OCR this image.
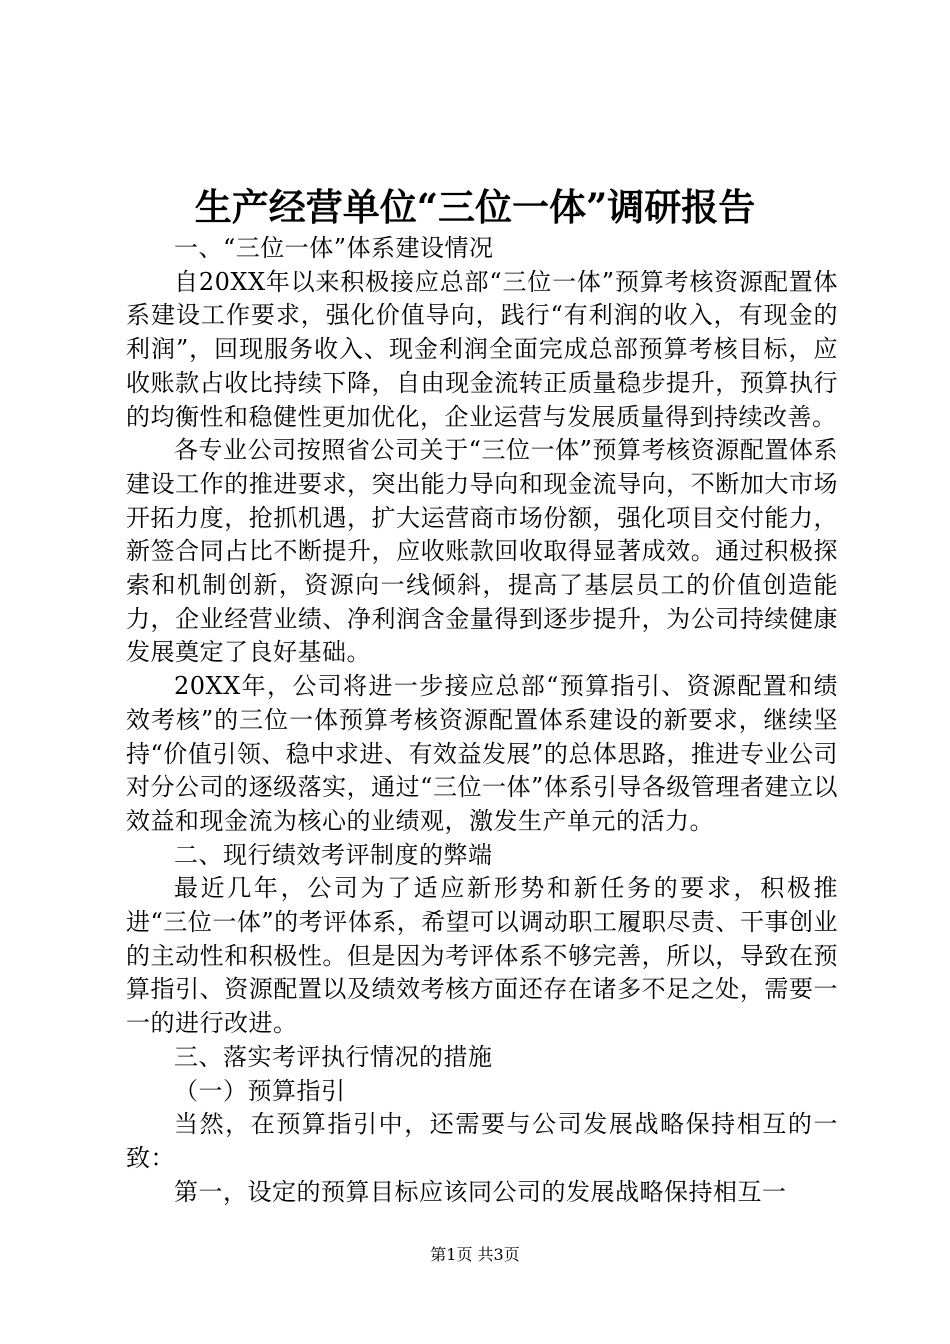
生产经营单位“三位一体”调研报告

一、“三位一体”体系建设情况

自20XX年以来积极接应总部“三位一体”预算考核资源配置体系建设工作要求，强化价值导向，践行“有利润的收入，有现金的利润”，回现服务收入、现金利润全面完成总部预算考核目标，应收账款占收比持续下降，自由现金流转正质量稳步提升，预算执行的均衡性和稳健性更加优化，企业运营与发展质量得到持续改善。

各专业公司按照省公司关于“三位一体”预算考核资源配置体系建设工作的推进要求，突出能力导向和现金流导向，不断加大市场开拓力度，抢抓机遇，扩大运营商市场份额，强化项目交付能力，新签合同占比不断提升，应收账款回收取得显著成效。通过积极探索和机制创新，资源向一线倾斜，提高了基层员工的价值创造能力，企业经营业绩、净利润含金量得到逐步提升，为公司持续健康发展奠定了良好基础。

20XX年，公司将进一步接应总部“预算指引、资源配置和绩效考核”的三位一体预算考核资源配置体系建设的新要求，继续坚持“价值引领、稳中求进、有效益发展”的总体思路，推进专业公司对分公司的逐级落实，通过“三位一体”体系引导各级管理者建立以效益和现金流为核心的业绩观，激发生产单元的活力。

二、现行绩效考评制度的弊端

最近几年，公司为了适应新形势和新任务的要求，积极推进“三位一体”的考评体系，希望可以调动职工履职尽责、干事创业的主动性和积极性。但是因为考评体系不够完善，所以，导致在预算指引、资源配置以及绩效考核方面还存在诸多不足之处，需要一一的进行改进。

三、落实考评执行情况的措施

（一）预算指引

当然，在预算指引中，还需要与公司发展战略保持相互的一致：

第一，设定的预算目标应该同公司的发展战略保持相互一

第1页 共3页
